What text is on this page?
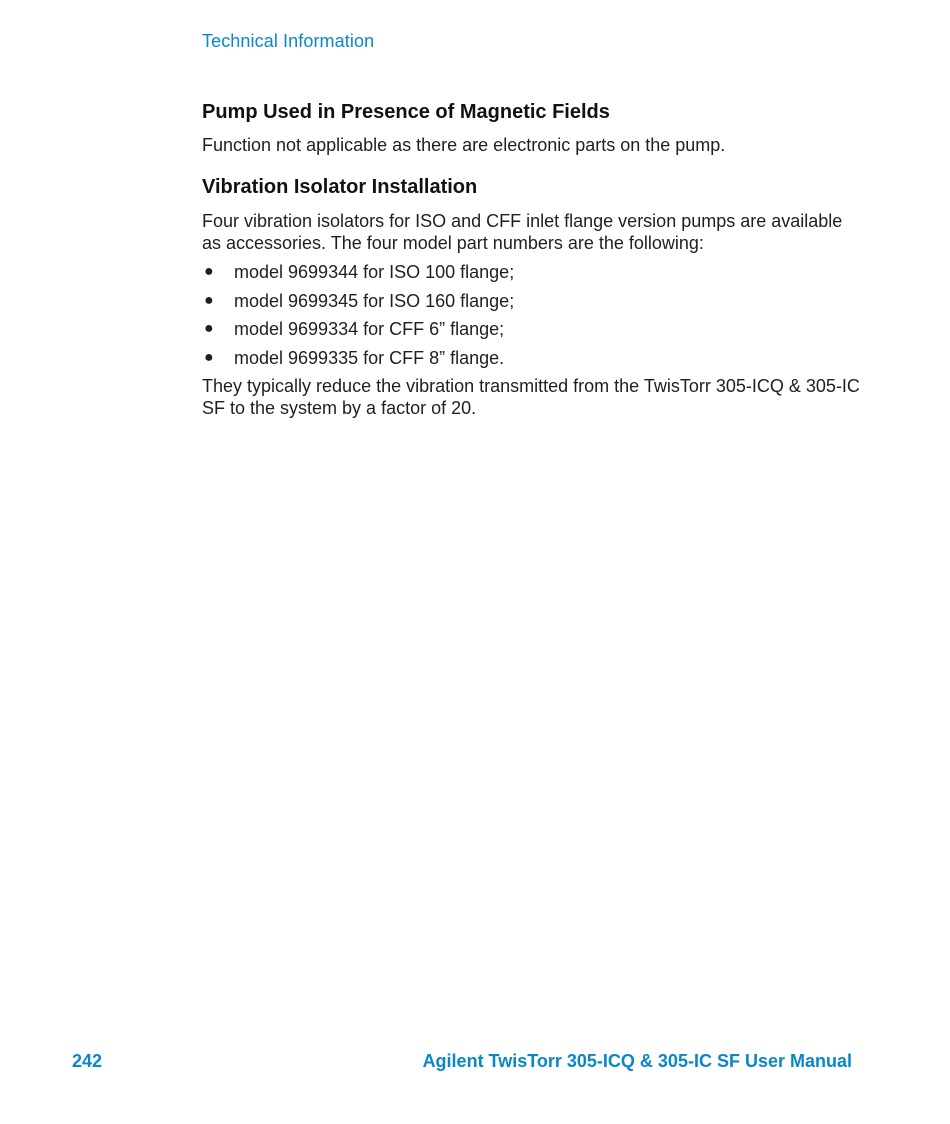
Technical Information
Pump Used in Presence of Magnetic Fields

Function not applicable as there are electronic parts on the pump.

Vibration Isolator Installation

Four vibration isolators for ISO and CFF inlet flange version pumps are available as accessories. The four model part numbers are the following:

● model 9699344 for ISO 100 flange;
● model 9699345 for ISO 160 flange;
● model 9699334 for CFF 6” flange;
● model 9699335 for CFF 8” flange.

They typically reduce the vibration transmitted from the TwisTorr 305-ICQ & 305-IC SF to the system by a factor of 20.

242	Agilent TwisTorr 305-ICQ & 305-IC SF User Manual
